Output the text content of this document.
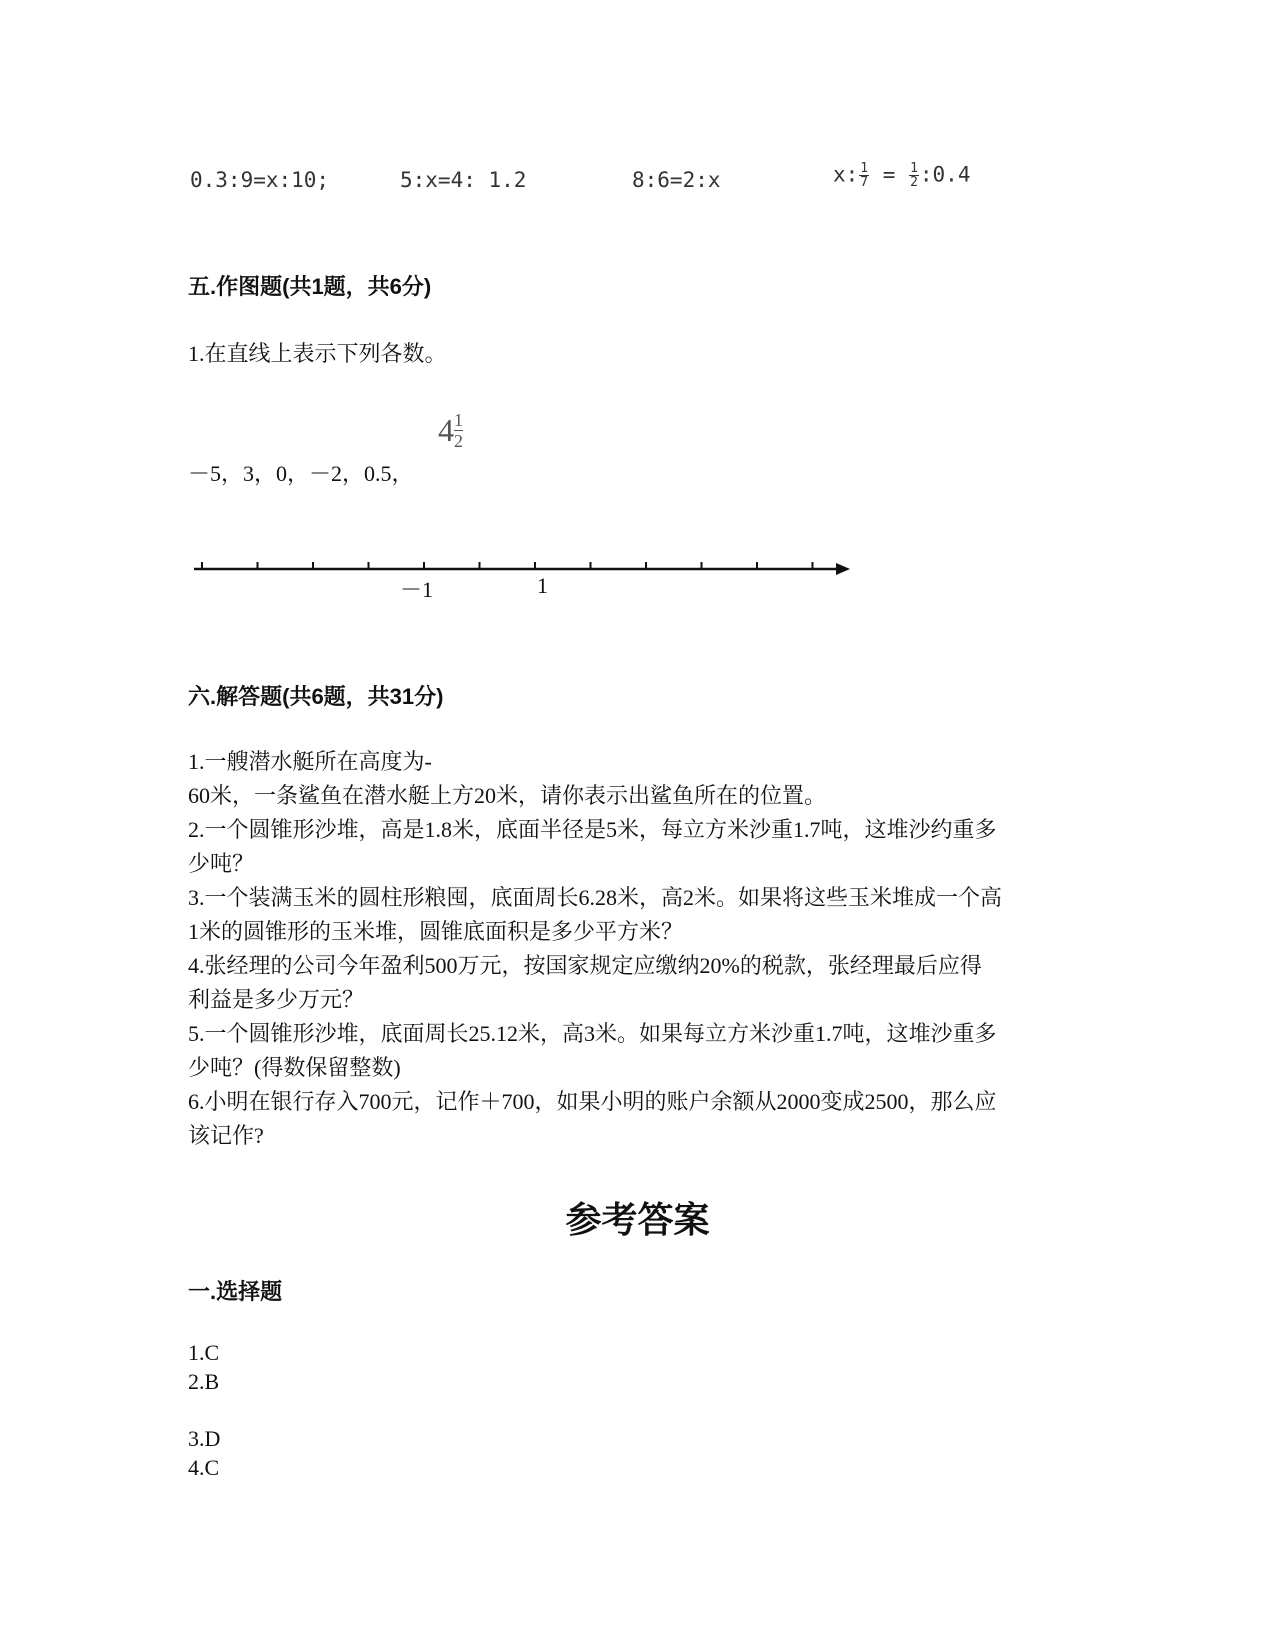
0.3:9=x:10;	5:x=4: 1.2	8:6=2:x	x: $\frac{1}{7} = \frac{1}{2}$ :0.4
五.作图题(共1题，共6分)
1.在直线上表示下列各数。
$4 \frac{1}{2}$
－5，3，0，－2，0.5，
－1	1
六.解答题(共6题，共31分)
1.一艘潜水艇所在高度为-
60米，一条鲨鱼在潜水艇上方20米，请你表示出鲨鱼所在的位置。
2.一个圆锥形沙堆，高是1.8米，底面半径是5米，每立方米沙重1.7吨，这堆沙约重多
少吨？
3.一个装满玉米的圆柱形粮囤，底面周长6.28米，高2米。如果将这些玉米堆成一个高
1米的圆锥形的玉米堆，圆锥底面积是多少平方米？
4.张经理的公司今年盈利500万元，按国家规定应缴纳20%的税款，张经理最后应得
利益是多少万元？
5.一个圆锥形沙堆，底面周长25.12米，高3米。如果每立方米沙重1.7吨，这堆沙重多
少吨？(得数保留整数)
6.小明在银行存入700元，记作＋700，如果小明的账户余额从2000变成2500，那么应
该记作?
参考答案
一.选择题
1.C
2.B
3.D
4.C
